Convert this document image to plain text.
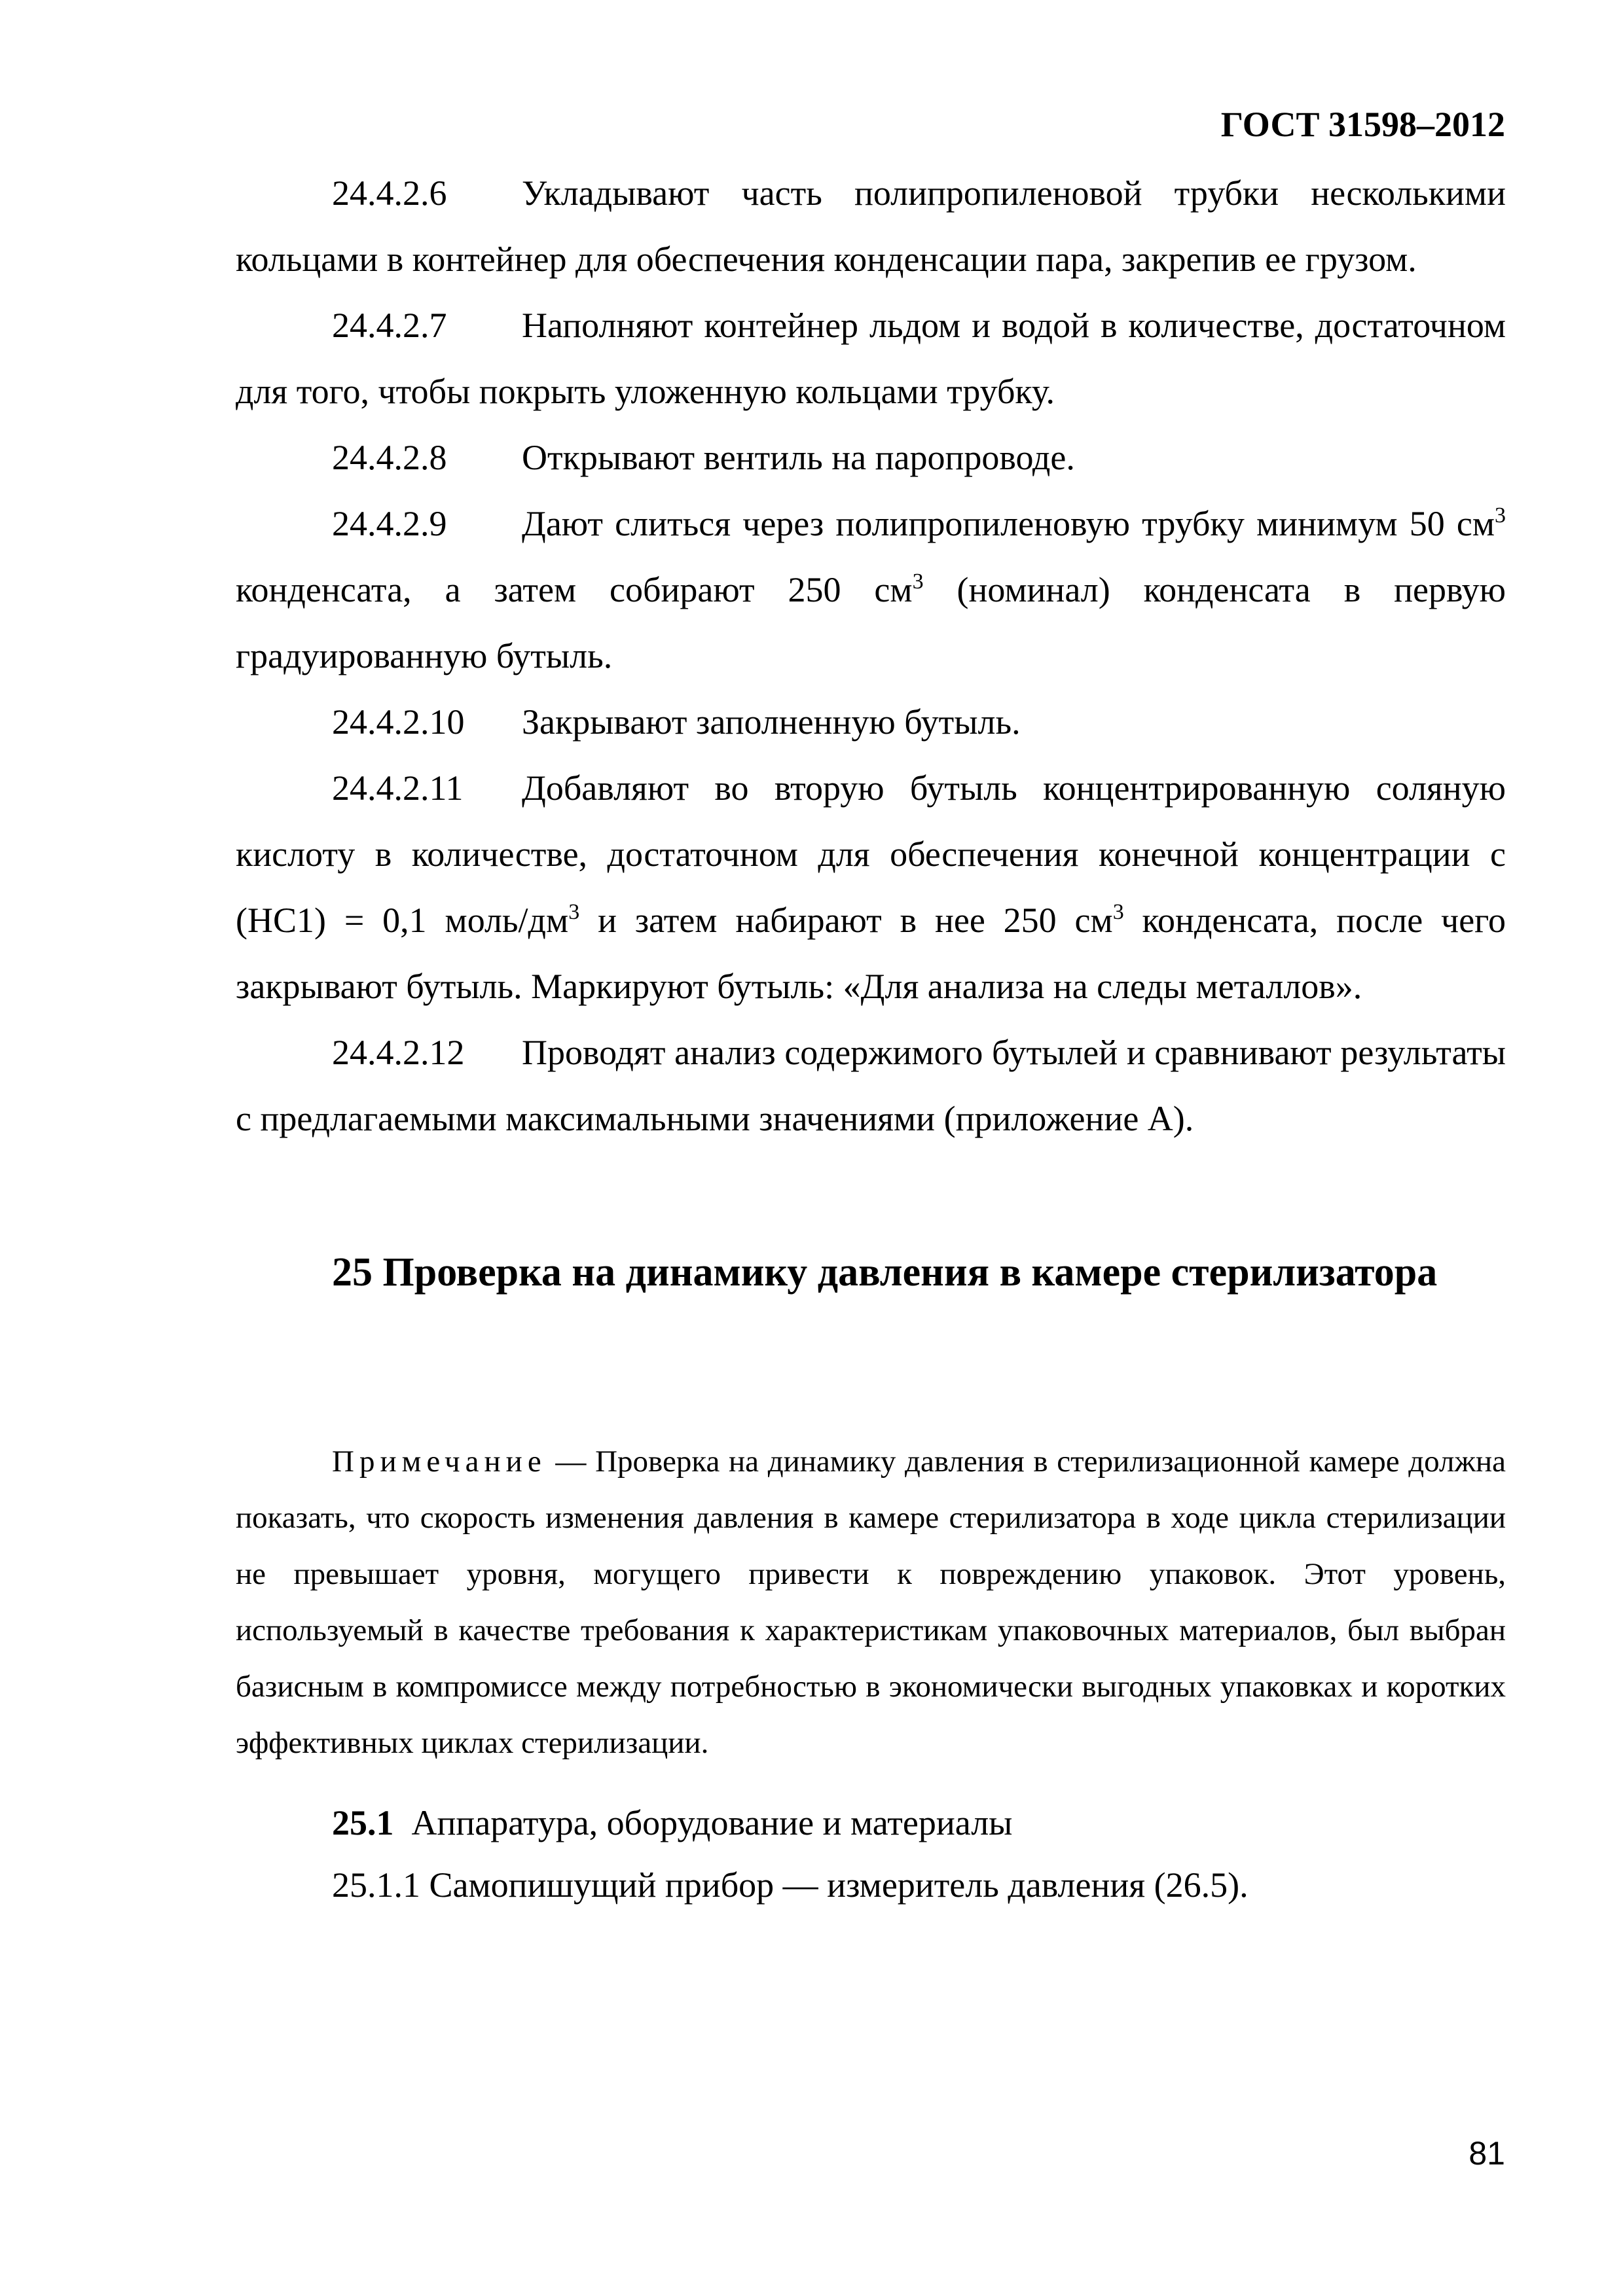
ГОСТ 31598–2012

24.4.2.6 Укладывают часть полипропиленовой трубки несколькими кольцами в контейнер для обеспечения конденсации пара, закрепив ее грузом.

24.4.2.7 Наполняют контейнер льдом и водой в количестве, достаточном для того, чтобы покрыть уложенную кольцами трубку.

24.4.2.8 Открывают вентиль на паропроводе.

24.4.2.9 Дают слиться через полипропиленовую трубку минимум 50 $см^3$ конденсата, а затем собирают 250 $см^3$ (номинал) конденсата в первую градуированную бутыль.

24.4.2.10 Закрывают заполненную бутыль.

24.4.2.11 Добавляют во вторую бутыль концентрированную соляную кислоту в количестве, достаточном для обеспечения конечной концентрации с (НС1) = 0,1 моль/$дм^3$ и затем набирают в нее 250 $см^3$ конденсата, после чего закрывают бутыль. Маркируют бутыль: «Для анализа на следы металлов».

24.4.2.12 Проводят анализ содержимого бутылей и сравнивают результаты с предлагаемыми максимальными значениями (приложение А).

25 Проверка на динамику давления в камере стерилизатора

Примечание — Проверка на динамику давления в стерилизационной камере должна показать, что скорость изменения давления в камере стерилизатора в ходе цикла стерилизации не превышает уровня, могущего привести к повреждению упаковок. Этот уровень, используемый в качестве требования к характеристикам упаковочных материалов, был выбран базисным в компромиссе между потребностью в экономически выгодных упаковках и коротких эффективных циклах стерилизации.

25.1 Аппаратура, оборудование и материалы

25.1.1 Самопишущий прибор — измеритель давления (26.5).

81
